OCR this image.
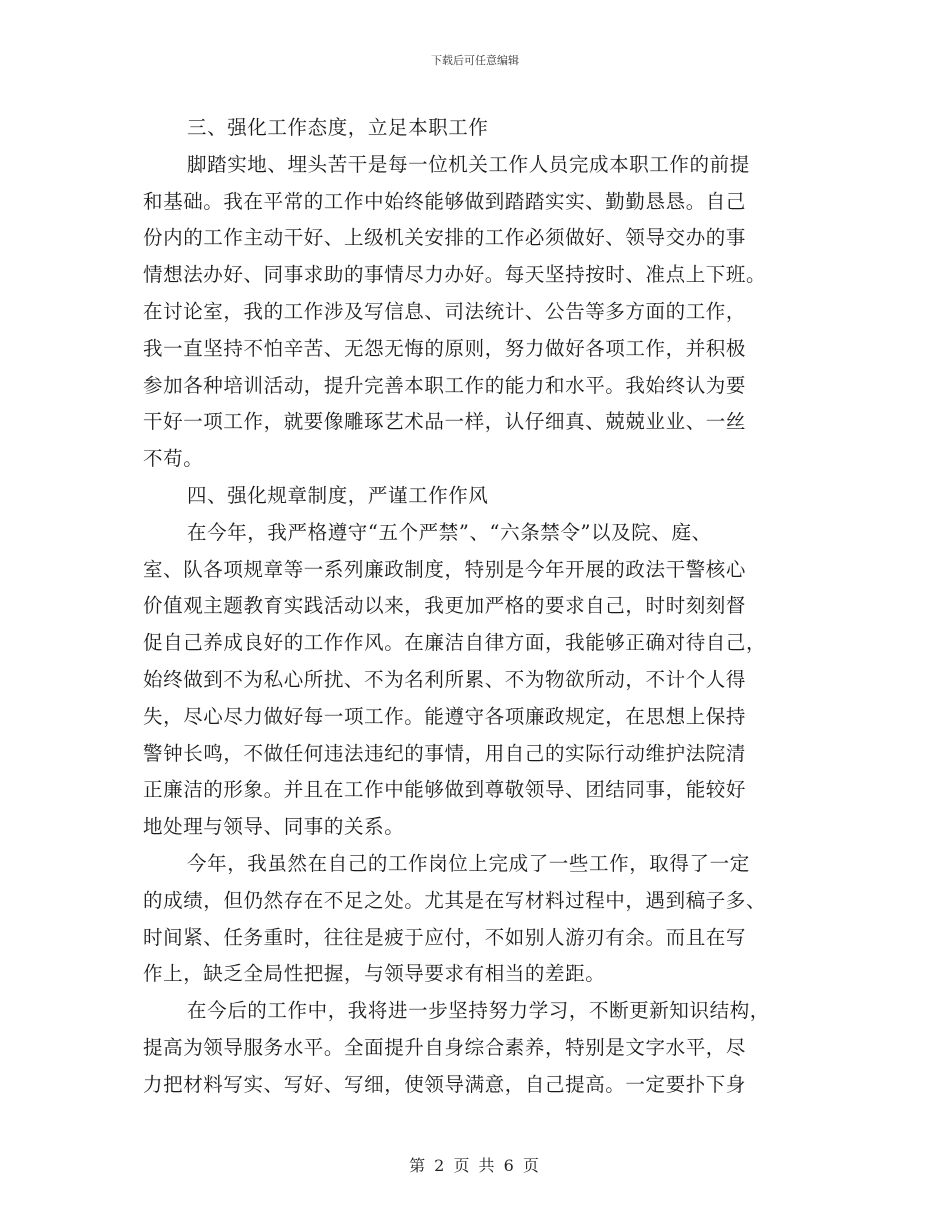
下载后可任意编辑
三、强化工作态度，立足本职工作
脚踏实地、埋头苦干是每一位机关工作人员完成本职工作的前提
和基础。我在平常的工作中始终能够做到踏踏实实、勤勤恳恳。自己
份内的工作主动干好、上级机关安排的工作必须做好、领导交办的事
情想法办好、同事求助的事情尽力办好。每天坚持按时、准点上下班。
在讨论室，我的工作涉及写信息、司法统计、公告等多方面的工作，
我一直坚持不怕辛苦、无怨无悔的原则，努力做好各项工作，并积极
参加各种培训活动，提升完善本职工作的能力和水平。我始终认为要
干好一项工作，就要像雕琢艺术品一样，认仔细真、兢兢业业、一丝
不苟。
四、强化规章制度，严谨工作作风
在今年，我严格遵守“五个严禁”、“六条禁令”以及院、庭、
室、队各项规章等一系列廉政制度，特别是今年开展的政法干警核心
价值观主题教育实践活动以来，我更加严格的要求自己，时时刻刻督
促自己养成良好的工作作风。在廉洁自律方面，我能够正确对待自己，
始终做到不为私心所扰、不为名利所累、不为物欲所动，不计个人得
失，尽心尽力做好每一项工作。能遵守各项廉政规定，在思想上保持
警钟长鸣，不做任何违法违纪的事情，用自己的实际行动维护法院清
正廉洁的形象。并且在工作中能够做到尊敬领导、团结同事，能较好
地处理与领导、同事的关系。
今年，我虽然在自己的工作岗位上完成了一些工作，取得了一定
的成绩，但仍然存在不足之处。尤其是在写材料过程中，遇到稿子多、
时间紧、任务重时，往往是疲于应付，不如别人游刃有余。而且在写
作上，缺乏全局性把握，与领导要求有相当的差距。
在今后的工作中，我将进一步坚持努力学习，不断更新知识结构，
提高为领导服务水平。全面提升自身综合素养，特别是文字水平，尽
力把材料写实、写好、写细，使领导满意，自己提高。一定要扑下身
第 2 页 共 6 页
